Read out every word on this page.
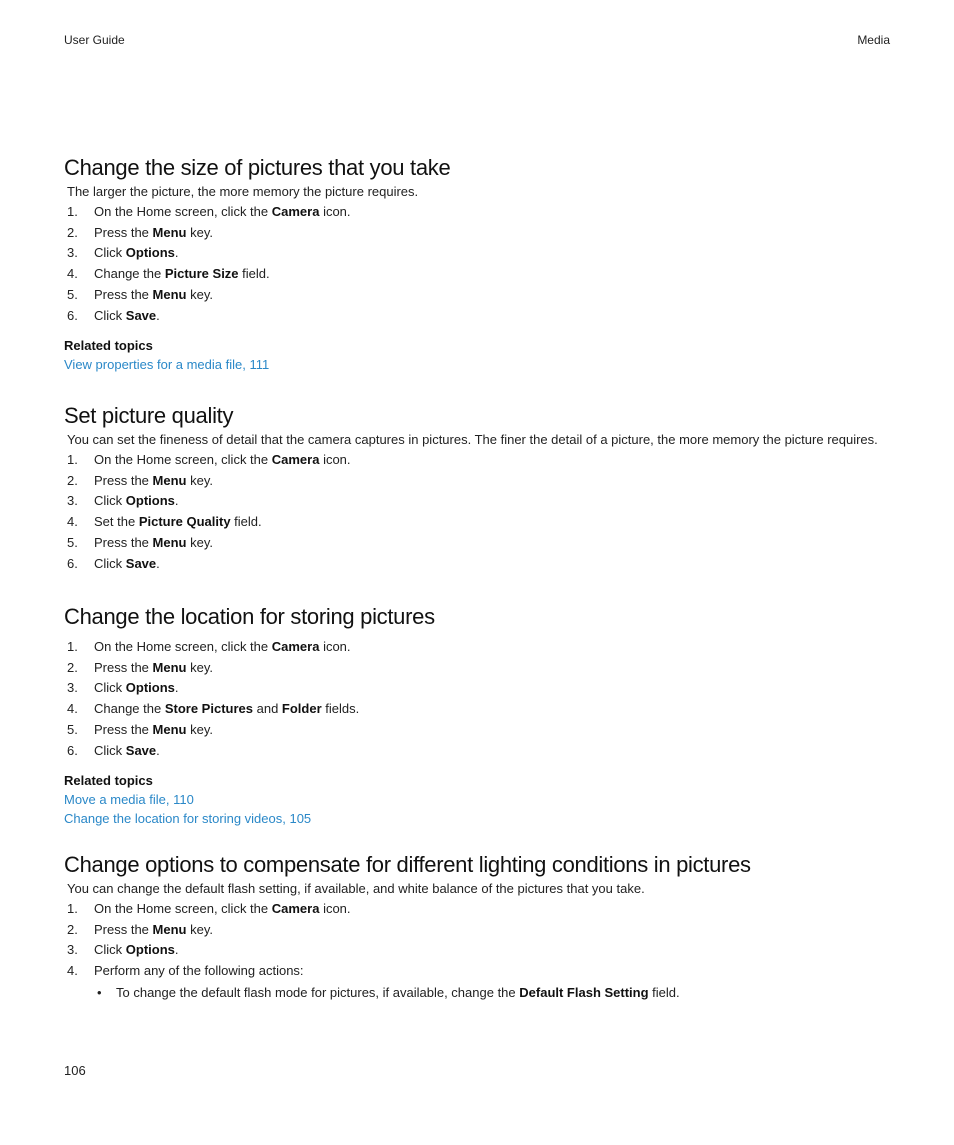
User Guide	Media
Change the size of pictures that you take

The larger the picture, the more memory the picture requires.

1. On the Home screen, click the Camera icon.
2. Press the Menu key.
3. Click Options.
4. Change the Picture Size field.
5. Press the Menu key.
6. Click Save.
Related topics
View properties for a media file, 111
Set picture quality

You can set the fineness of detail that the camera captures in pictures. The finer the detail of a picture, the more memory the picture requires.

1. On the Home screen, click the Camera icon.
2. Press the Menu key.
3. Click Options.
4. Set the Picture Quality field.
5. Press the Menu key.
6. Click Save.
Change the location for storing pictures
1. On the Home screen, click the Camera icon.
2. Press the Menu key.
3. Click Options.
4. Change the Store Pictures and Folder fields.
5. Press the Menu key.
6. Click Save.
Related topics
Move a media file, 110
Change the location for storing videos, 105
Change options to compensate for different lighting conditions in pictures

You can change the default flash setting, if available, and white balance of the pictures that you take.

1. On the Home screen, click the Camera icon.
2. Press the Menu key.
3. Click Options.
4. Perform any of the following actions:
• To change the default flash mode for pictures, if available, change the Default Flash Setting field.
106
